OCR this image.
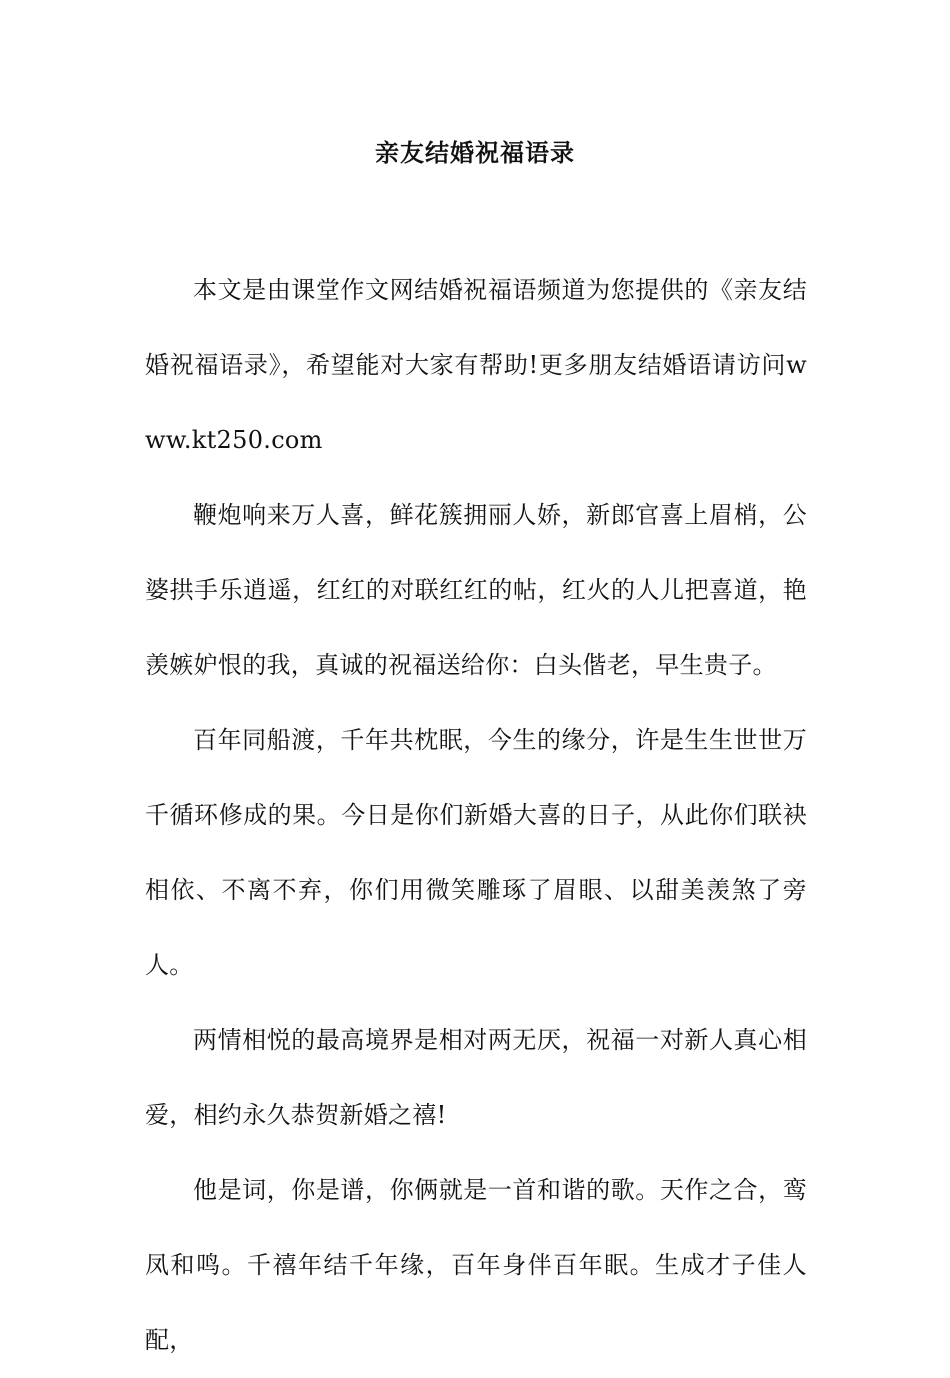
亲友结婚祝福语录

本文是由课堂作文网结婚祝福语频道为您提供的《亲友结婚祝福语录》，希望能对大家有帮助!更多朋友结婚语请访问www.kt250.com

鞭炮响来万人喜，鲜花簇拥丽人娇，新郎官喜上眉梢，公婆拱手乐逍遥，红红的对联红红的帖，红火的人儿把喜道，艳羡嫉妒恨的我，真诚的祝福送给你：白头偕老，早生贵子。

百年同船渡，千年共枕眠，今生的缘分，许是生生世世万千循环修成的果。今日是你们新婚大喜的日子，从此你们联袂相依、不离不弃，你们用微笑雕琢了眉眼、以甜美羡煞了旁人。

两情相悦的最高境界是相对两无厌，祝福一对新人真心相爱，相约永久恭贺新婚之禧!

他是词，你是谱，你俩就是一首和谐的歌。天作之合，鸾凤和鸣。千禧年结千年缘，百年身伴百年眠。生成才子佳人配，
